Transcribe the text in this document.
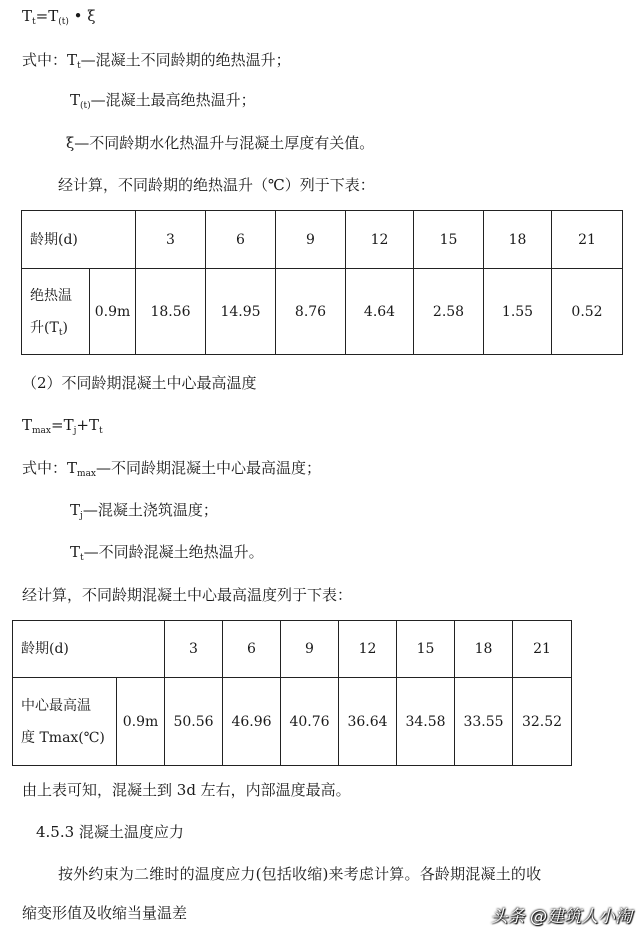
$T_t=T_{(t)}$ • ξ
式中：$T_t—$混凝土不同龄期的绝热温升；
$T_{(t)}—$混凝土最高绝热温升；
ξ—不同龄期水化热温升与混凝土厚度有关值。
经计算，不同龄期的绝热温升（℃）列于下表：
龄期(d)		3	6	9	12	15	18	21
绝热温
升$(T_t)$	0.9m	18.56	14.95	8.76	4.64	2.58	1.55	0.52
（2）不同龄期混凝土中心最高温度
$T_{max}=T_j+T_t$
式中：$T_{max}—$不同龄期混凝土中心最高温度；
$T_j—$混凝土浇筑温度；
$T_t—$不同龄混凝土绝热温升。
经计算，不同龄期混凝土中心最高温度列于下表：
龄期(d)		3	6	9	12	15	18	21
中心最高温
度 Tmax(℃)	0.9m	50.56	46.96	40.76	36.64	34.58	33.55	32.52
由上表可知，混凝土到 3d 左右，内部温度最高。
4.5.3 混凝土温度应力
按外约束为二维时的温度应力(包括收缩)来考虑计算。各龄期混凝土的收
缩变形值及收缩当量温差	头条 @建筑人小淘
